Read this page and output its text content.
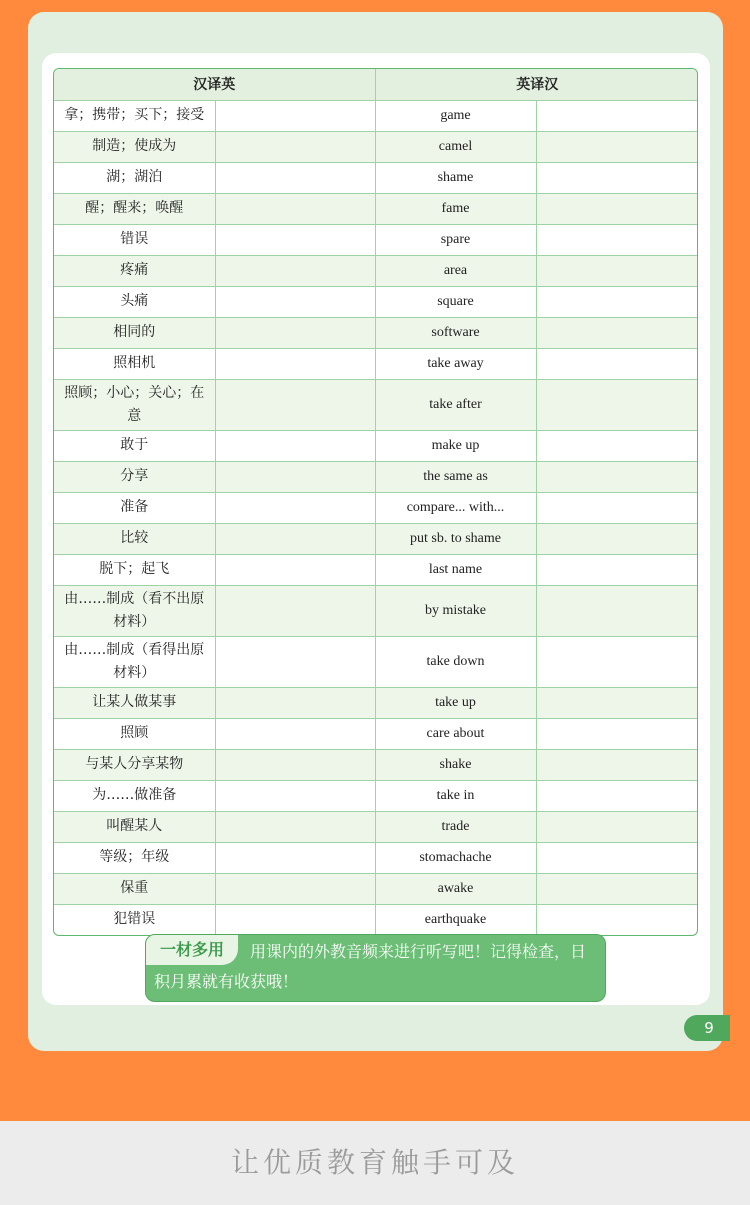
汉译英		英译汉	
拿；携带；买下；接受		game	
制造；使成为		camel	
湖；湖泊		shame	
醒；醒来；唤醒		fame	
错误		spare	
疼痛		area	
头痛		square	
相同的		software	
照相机		take away	
照顾；小心；关心；在意		take after	
敢于		make up	
分享		the same as	
准备		compare... with...	
比较		put sb. to shame	
脱下；起飞		last name	
由……制成（看不出原材料）		by mistake	
由……制成（看得出原材料）		take down	
让某人做某事		take up	
照顾		care about	
与某人分享某物		shake	
为……做准备		take in	
叫醒某人		trade	
等级；年级		stomachache	
保重		awake	
犯错误		earthquake	
用课内的外教音频来进行听写吧！记得检查，日积月累就有收获哦！
一材多用
9
让优质教育触手可及
